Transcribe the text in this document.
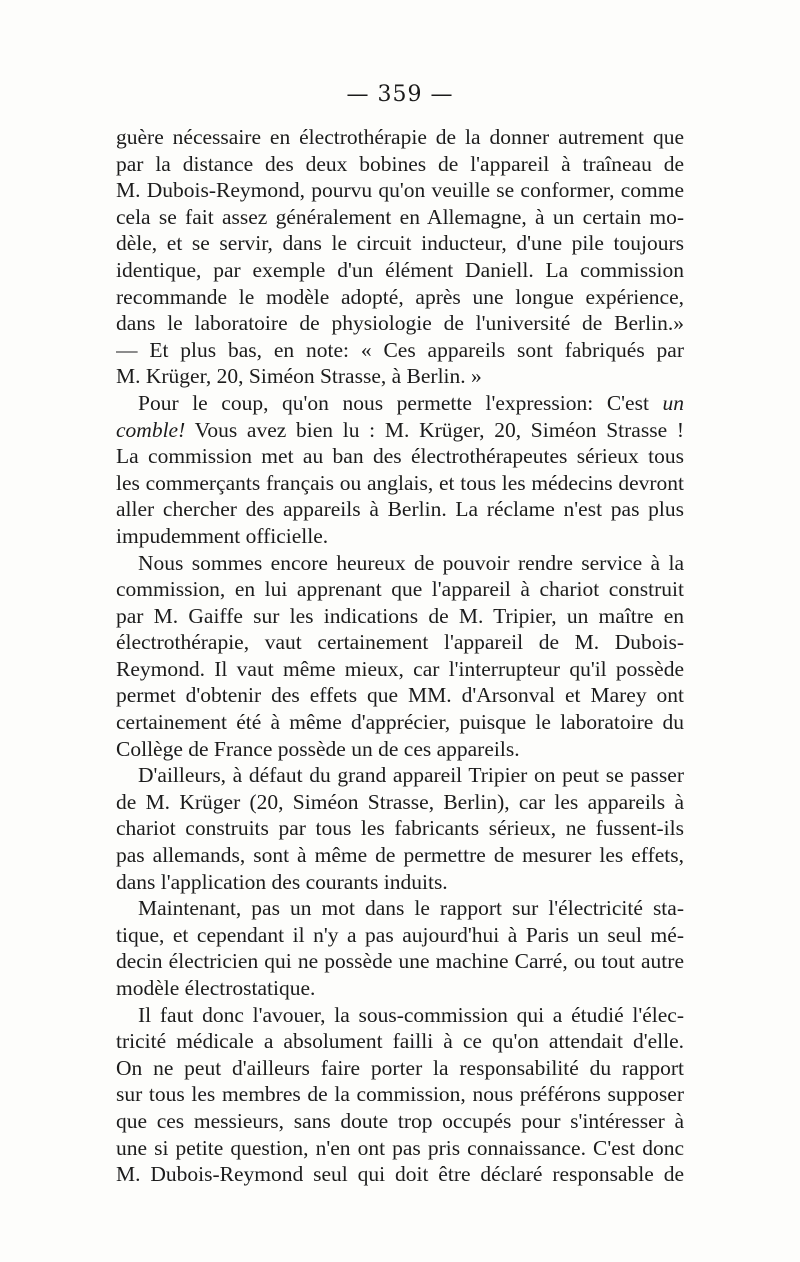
— 359 —
guère nécessaire en électrothérapie de la donner autrement que
par la distance des deux bobines de l'appareil à traîneau de
M. Dubois-Reymond, pourvu qu'on veuille se conformer, comme
cela se fait assez généralement en Allemagne, à un certain mo-
dèle, et se servir, dans le circuit inducteur, d'une pile toujours
identique, par exemple d'un élément Daniell. La commission
recommande le modèle adopté, après une longue expérience,
dans le laboratoire de physiologie de l'université de Berlin.»
— Et plus bas, en note: « Ces appareils sont fabriqués par
M. Krüger, 20, Siméon Strasse, à Berlin. »
Pour le coup, qu'on nous permette l'expression: C'est un
comble! Vous avez bien lu : M. Krüger, 20, Siméon Strasse !
La commission met au ban des électrothérapeutes sérieux tous
les commerçants français ou anglais, et tous les médecins devront
aller chercher des appareils à Berlin. La réclame n'est pas plus
impudemment officielle.
Nous sommes encore heureux de pouvoir rendre service à la
commission, en lui apprenant que l'appareil à chariot construit
par M. Gaiffe sur les indications de M. Tripier, un maître en
électrothérapie, vaut certainement l'appareil de M. Dubois-
Reymond. Il vaut même mieux, car l'interrupteur qu'il possède
permet d'obtenir des effets que MM. d'Arsonval et Marey ont
certainement été à même d'apprécier, puisque le laboratoire du
Collège de France possède un de ces appareils.
D'ailleurs, à défaut du grand appareil Tripier on peut se passer
de M. Krüger (20, Siméon Strasse, Berlin), car les appareils à
chariot construits par tous les fabricants sérieux, ne fussent-ils
pas allemands, sont à même de permettre de mesurer les effets,
dans l'application des courants induits.
Maintenant, pas un mot dans le rapport sur l'électricité sta-
tique, et cependant il n'y a pas aujourd'hui à Paris un seul mé-
decin électricien qui ne possède une machine Carré, ou tout autre
modèle électrostatique.
Il faut donc l'avouer, la sous-commission qui a étudié l'élec-
tricité médicale a absolument failli à ce qu'on attendait d'elle.
On ne peut d'ailleurs faire porter la responsabilité du rapport
sur tous les membres de la commission, nous préférons supposer
que ces messieurs, sans doute trop occupés pour s'intéresser à
une si petite question, n'en ont pas pris connaissance. C'est donc
M. Dubois-Reymond seul qui doit être déclaré responsable de
